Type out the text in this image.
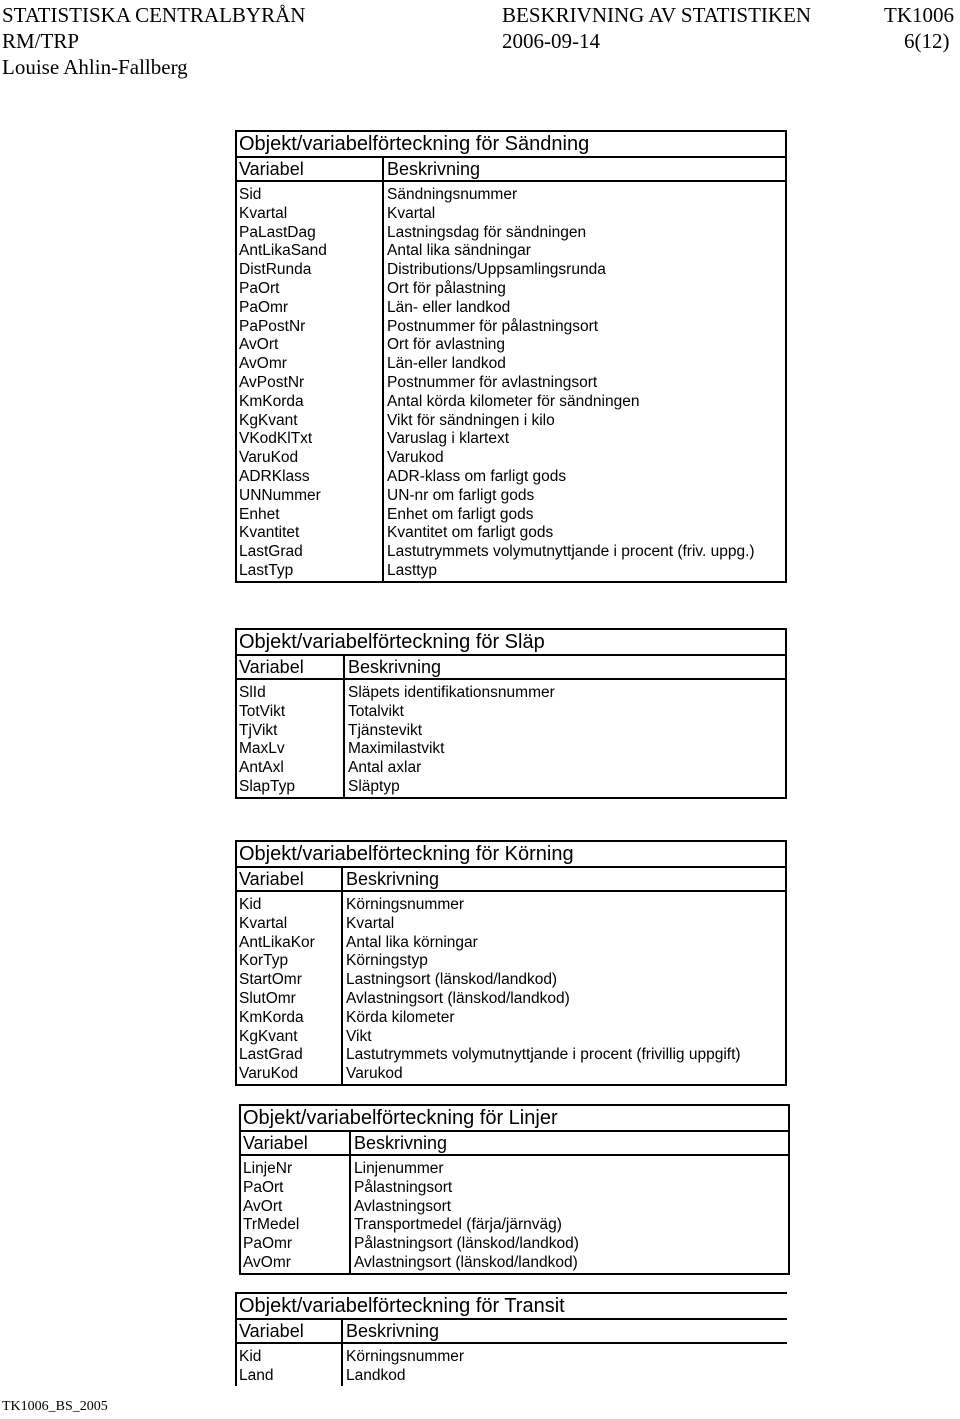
STATISTISKA CENTRALBYRÅN	BESKRIVNING AV STATISTIKEN	TK1006
RM/TRP	2006-09-14	6(12)
Louise Ahlin-Fallberg
Objekt/variabelförteckning för Sändning
Variabel	Beskrivning
Sid	Sändningsnummer
Kvartal	Kvartal
PaLastDag	Lastningsdag för sändningen
AntLikaSand	Antal lika sändningar
DistRunda	Distributions/Uppsamlingsrunda
PaOrt	Ort för pålastning
PaOmr	Län- eller landkod
PaPostNr	Postnummer för pålastningsort
AvOrt	Ort för avlastning
AvOmr	Län-eller landkod
AvPostNr	Postnummer för avlastningsort
KmKorda	Antal körda kilometer för sändningen
KgKvant	Vikt för sändningen i kilo
VKodKlTxt	Varuslag i klartext
VaruKod	Varukod
ADRKlass	ADR-klass om farligt gods
UNNummer	UN-nr om farligt gods
Enhet	Enhet om farligt gods
Kvantitet	Kvantitet om farligt gods
LastGrad	Lastutrymmets volymutnyttjande i procent (friv. uppg.)
LastTyp	Lasttyp
Objekt/variabelförteckning för Släp
Variabel	Beskrivning
SlId	Släpets identifikationsnummer
TotVikt	Totalvikt
TjVikt	Tjänstevikt
MaxLv	Maximilastvikt
AntAxl	Antal axlar
SlapTyp	Släptyp
Objekt/variabelförteckning för Körning
Variabel	Beskrivning
Kid	Körningsnummer
Kvartal	Kvartal
AntLikaKor	Antal lika körningar
KorTyp	Körningstyp
StartOmr	Lastningsort (länskod/landkod)
SlutOmr	Avlastningsort (länskod/landkod)
KmKorda	Körda kilometer
KgKvant	Vikt
LastGrad	Lastutrymmets volymutnyttjande i procent (frivillig uppgift)
VaruKod	Varukod
Objekt/variabelförteckning för Linjer
Variabel	Beskrivning
LinjeNr	Linjenummer
PaOrt	Pålastningsort
AvOrt	Avlastningsort
TrMedel	Transportmedel (färja/järnväg)
PaOmr	Pålastningsort (länskod/landkod)
AvOmr	Avlastningsort (länskod/landkod)
Objekt/variabelförteckning för Transit
Variabel	Beskrivning
Kid	Körningsnummer
Land	Landkod
TK1006_BS_2005
